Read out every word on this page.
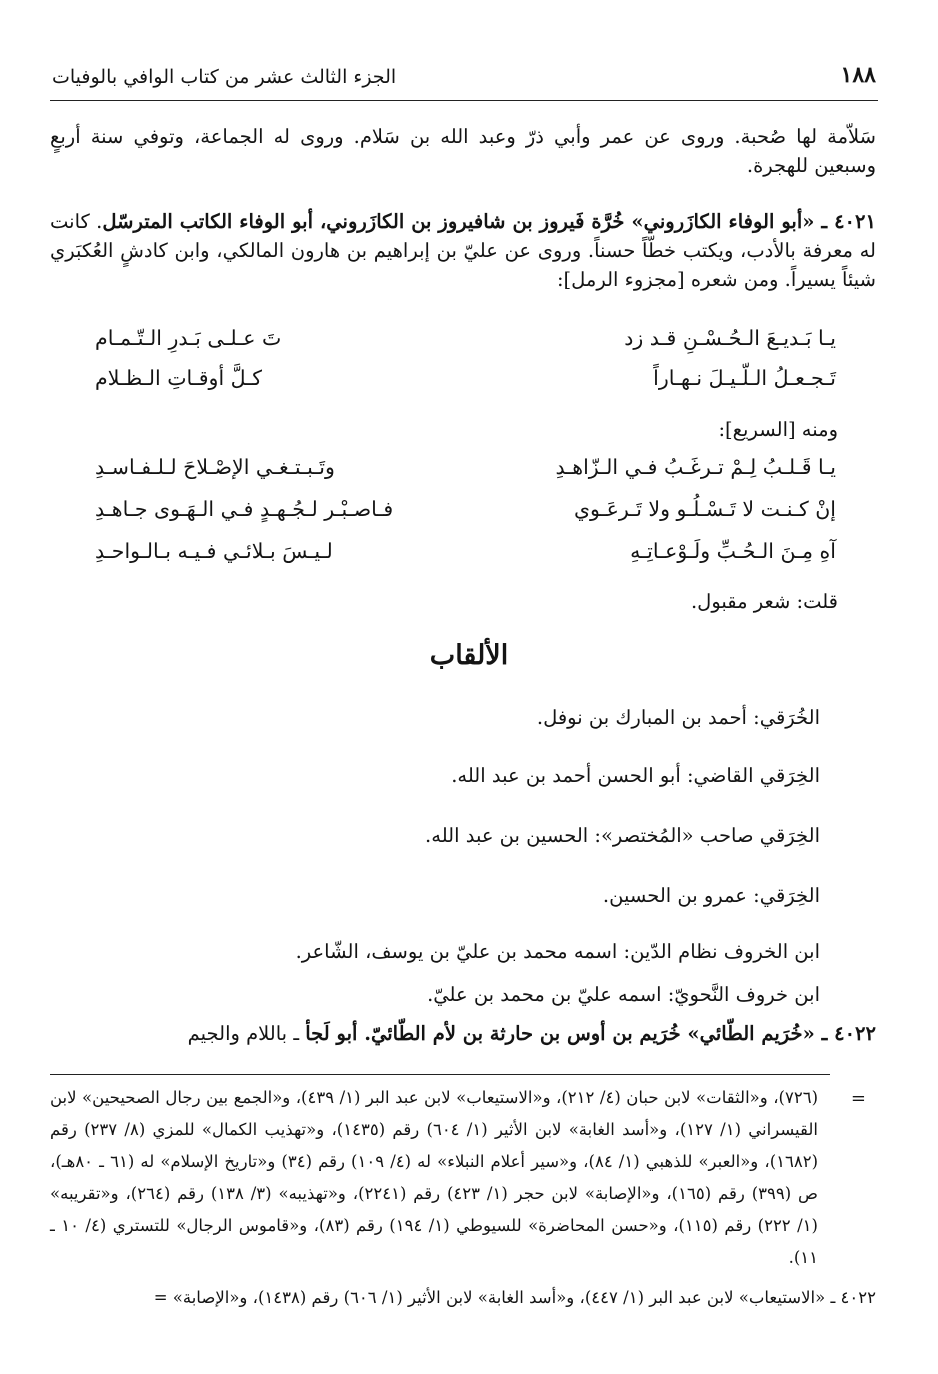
١٨٨
الجزء الثالث عشر من كتاب الوافي بالوفيات
سَلاّمة لها صُحبة. وروى عن عمر وأبي ذرّ وعبد الله بن سَلام. وروى له الجماعة، وتوفي سنة أربعٍ وسبعين للهجرة.
٤٠٢١ ـ «أبو الوفاء الكازَروني» خُرَّة فَيروز بن شافيروز بن الكازَروني، أبو الوفاء الكاتب المترسّل. كانت له معرفة بالأدب، ويكتب خطّاً حسناً. وروى عن عليّ بن إبراهيم بن هارون المالكي، وابن كادشٍ العُكبَري شيئاً يسيراً. ومن شعره [مجزوء الرمل]:
يـا بَـديـعَ الـحُـسْـنِ قـد زد
تَ عـلـى بَـدرِ الـتّـمـام
تَـجـعـلُ الـلّـيـلَ نـهـاراً
كـلَّ أوقـاتِ الـظـلام
ومنه [السريع]:
يـا قَـلـبُ لِـمْ تـرغَـبُ فـي الـزّاهـدِ
وتَـبـتـغـي الإصْـلاحَ لـلـفـاسـدِ
إنْ كـنـت لا تَـسْـلُـو ولا تَـرعَـوي
فـاصـبْـر لـجُـهـدٍ فـي الـهَـوى جـاهـدِ
آهِ مِـنَ الـحُـبِّ ولَـوْعـاتِـهِ
لـيـسَ بـلائـي فـيـه بـالـواحـدِ
قلت: شعر مقبول.
الألقاب
الخُرَقي: أحمد بن المبارك بن نوفل.
الخِرَقي القاضي: أبو الحسن أحمد بن عبد الله.
الخِرَقي صاحب «المُختصر»: الحسين بن عبد الله.
الخِرَقي: عمرو بن الحسين.
ابن الخروف نظام الدّين: اسمه محمد بن عليّ بن يوسف، الشّاعر.
ابن خروف النَّحويّ: اسمه عليّ بن محمد بن عليّ.
٤٠٢٢ ـ «خُرَيم الطّائي» خُرَيم بن أوس بن حارثة بن لأم الطّائيّ. أبو لَجأ ـ باللام والجيم
=
(٧٢٦)، و«الثقات» لابن حبان (٤/ ٢١٢)، و«الاستيعاب» لابن عبد البر (١/ ٤٣٩)، و«الجمع بين رجال الصحيحين» لابن القيسراني (١/ ١٢٧)، و«أسد الغابة» لابن الأثير (١/ ٦٠٤) رقم (١٤٣٥)، و«تهذيب الكمال» للمزي (٨/ ٢٣٧) رقم (١٦٨٢)، و«العبر» للذهبي (١/ ٨٤)، و«سير أعلام النبلاء» له (٤/ ١٠٩) رقم (٣٤) و«تاريخ الإسلام» له (٦١ ـ ٨٠هـ)، ص (٣٩٩) رقم (١٦٥)، و«الإصابة» لابن حجر (١/ ٤٢٣) رقم (٢٢٤١)، و«تهذيبه» (٣/ ١٣٨) رقم (٢٦٤)، و«تقريبه» (١/ ٢٢٢) رقم (١١٥)، و«حسن المحاضرة» للسيوطي (١/ ١٩٤) رقم (٨٣)، و«قاموس الرجال» للتستري (٤/ ١٠ ـ ١١).
٤٠٢٢ ـ «الاستيعاب» لابن عبد البر (١/ ٤٤٧)، و«أسد الغابة» لابن الأثير (١/ ٦٠٦) رقم (١٤٣٨)، و«الإصابة» =
